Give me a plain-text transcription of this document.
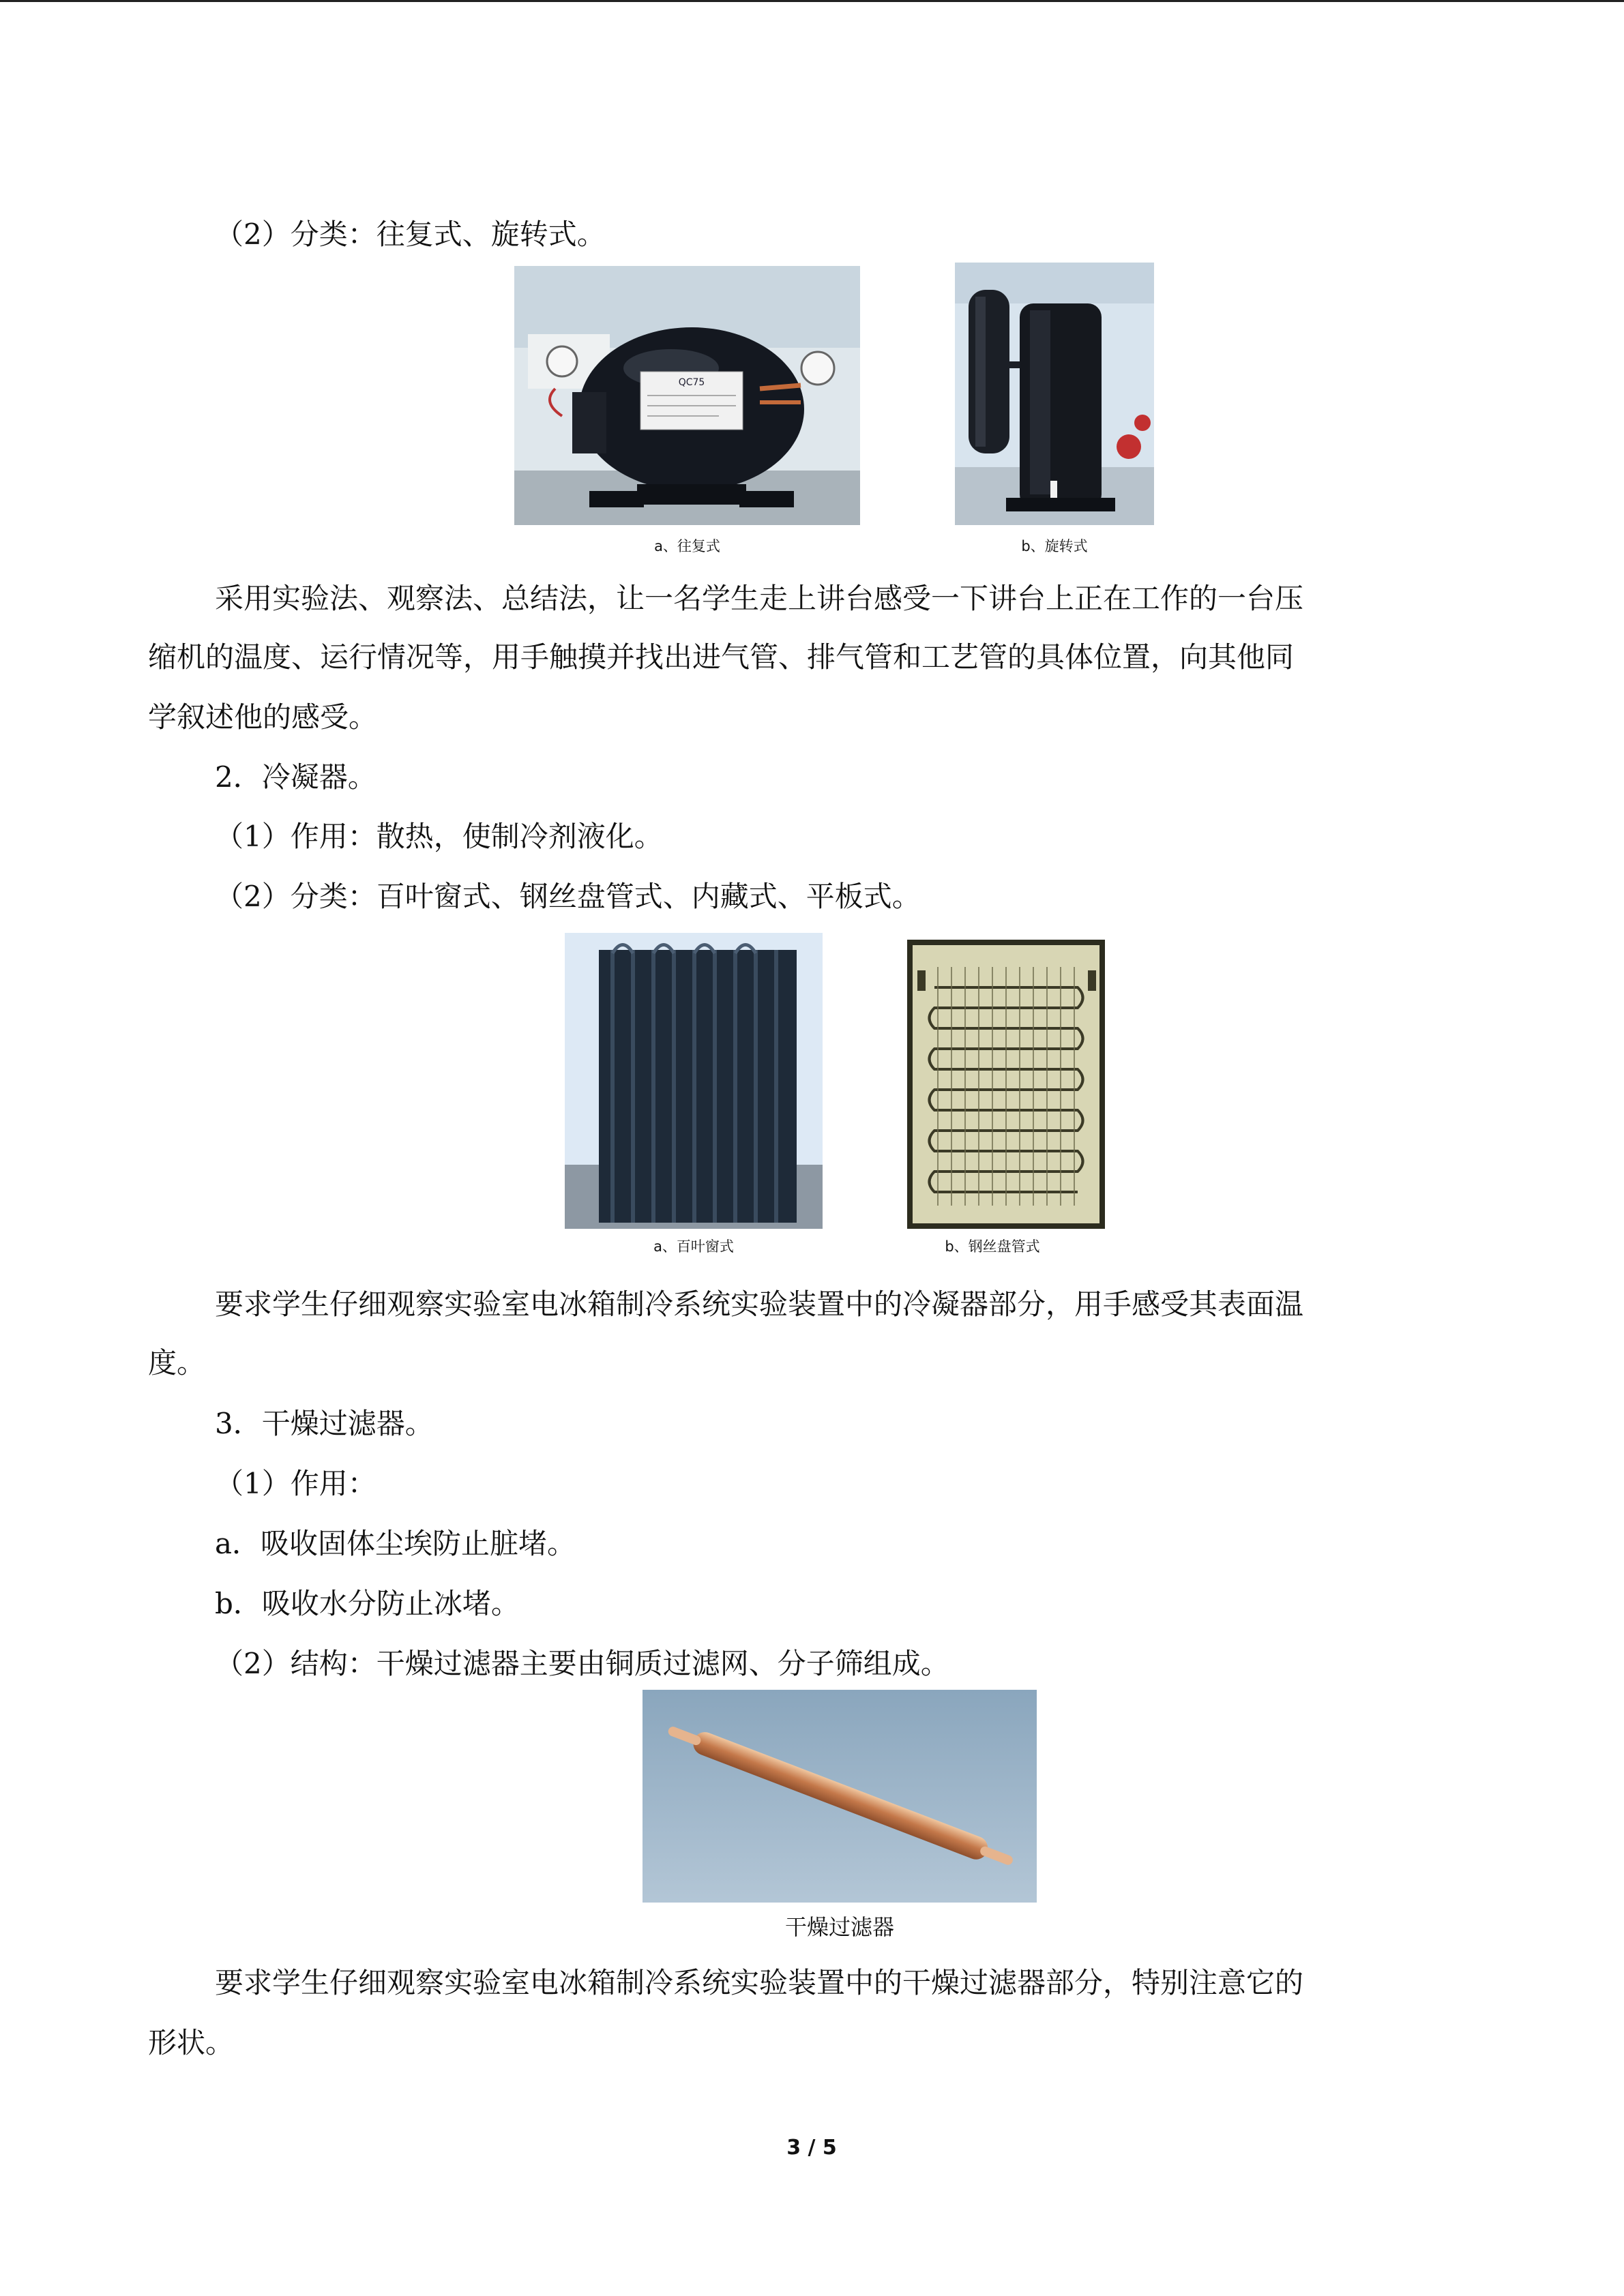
（2）分类：往复式、旋转式。

QC75
a、往复式	b、旋转式

采用实验法、观察法、总结法，让一名学生走上讲台感受一下讲台上正在工作的一台压

缩机的温度、运行情况等，用手触摸并找出进气管、排气管和工艺管的具体位置，向其他同

学叙述他的感受。

2．冷凝器。

（1）作用：散热，使制冷剂液化。

（2）分类：百叶窗式、钢丝盘管式、内藏式、平板式。

a、百叶窗式	b、钢丝盘管式

要求学生仔细观察实验室电冰箱制冷系统实验装置中的冷凝器部分，用手感受其表面温

度。

3．干燥过滤器。

（1）作用：

a．吸收固体尘埃防止脏堵。

b．吸收水分防止冰堵。

（2）结构：干燥过滤器主要由铜质过滤网、分子筛组成。

干燥过滤器

要求学生仔细观察实验室电冰箱制冷系统实验装置中的干燥过滤器部分，特别注意它的

形状。

3 / 5
